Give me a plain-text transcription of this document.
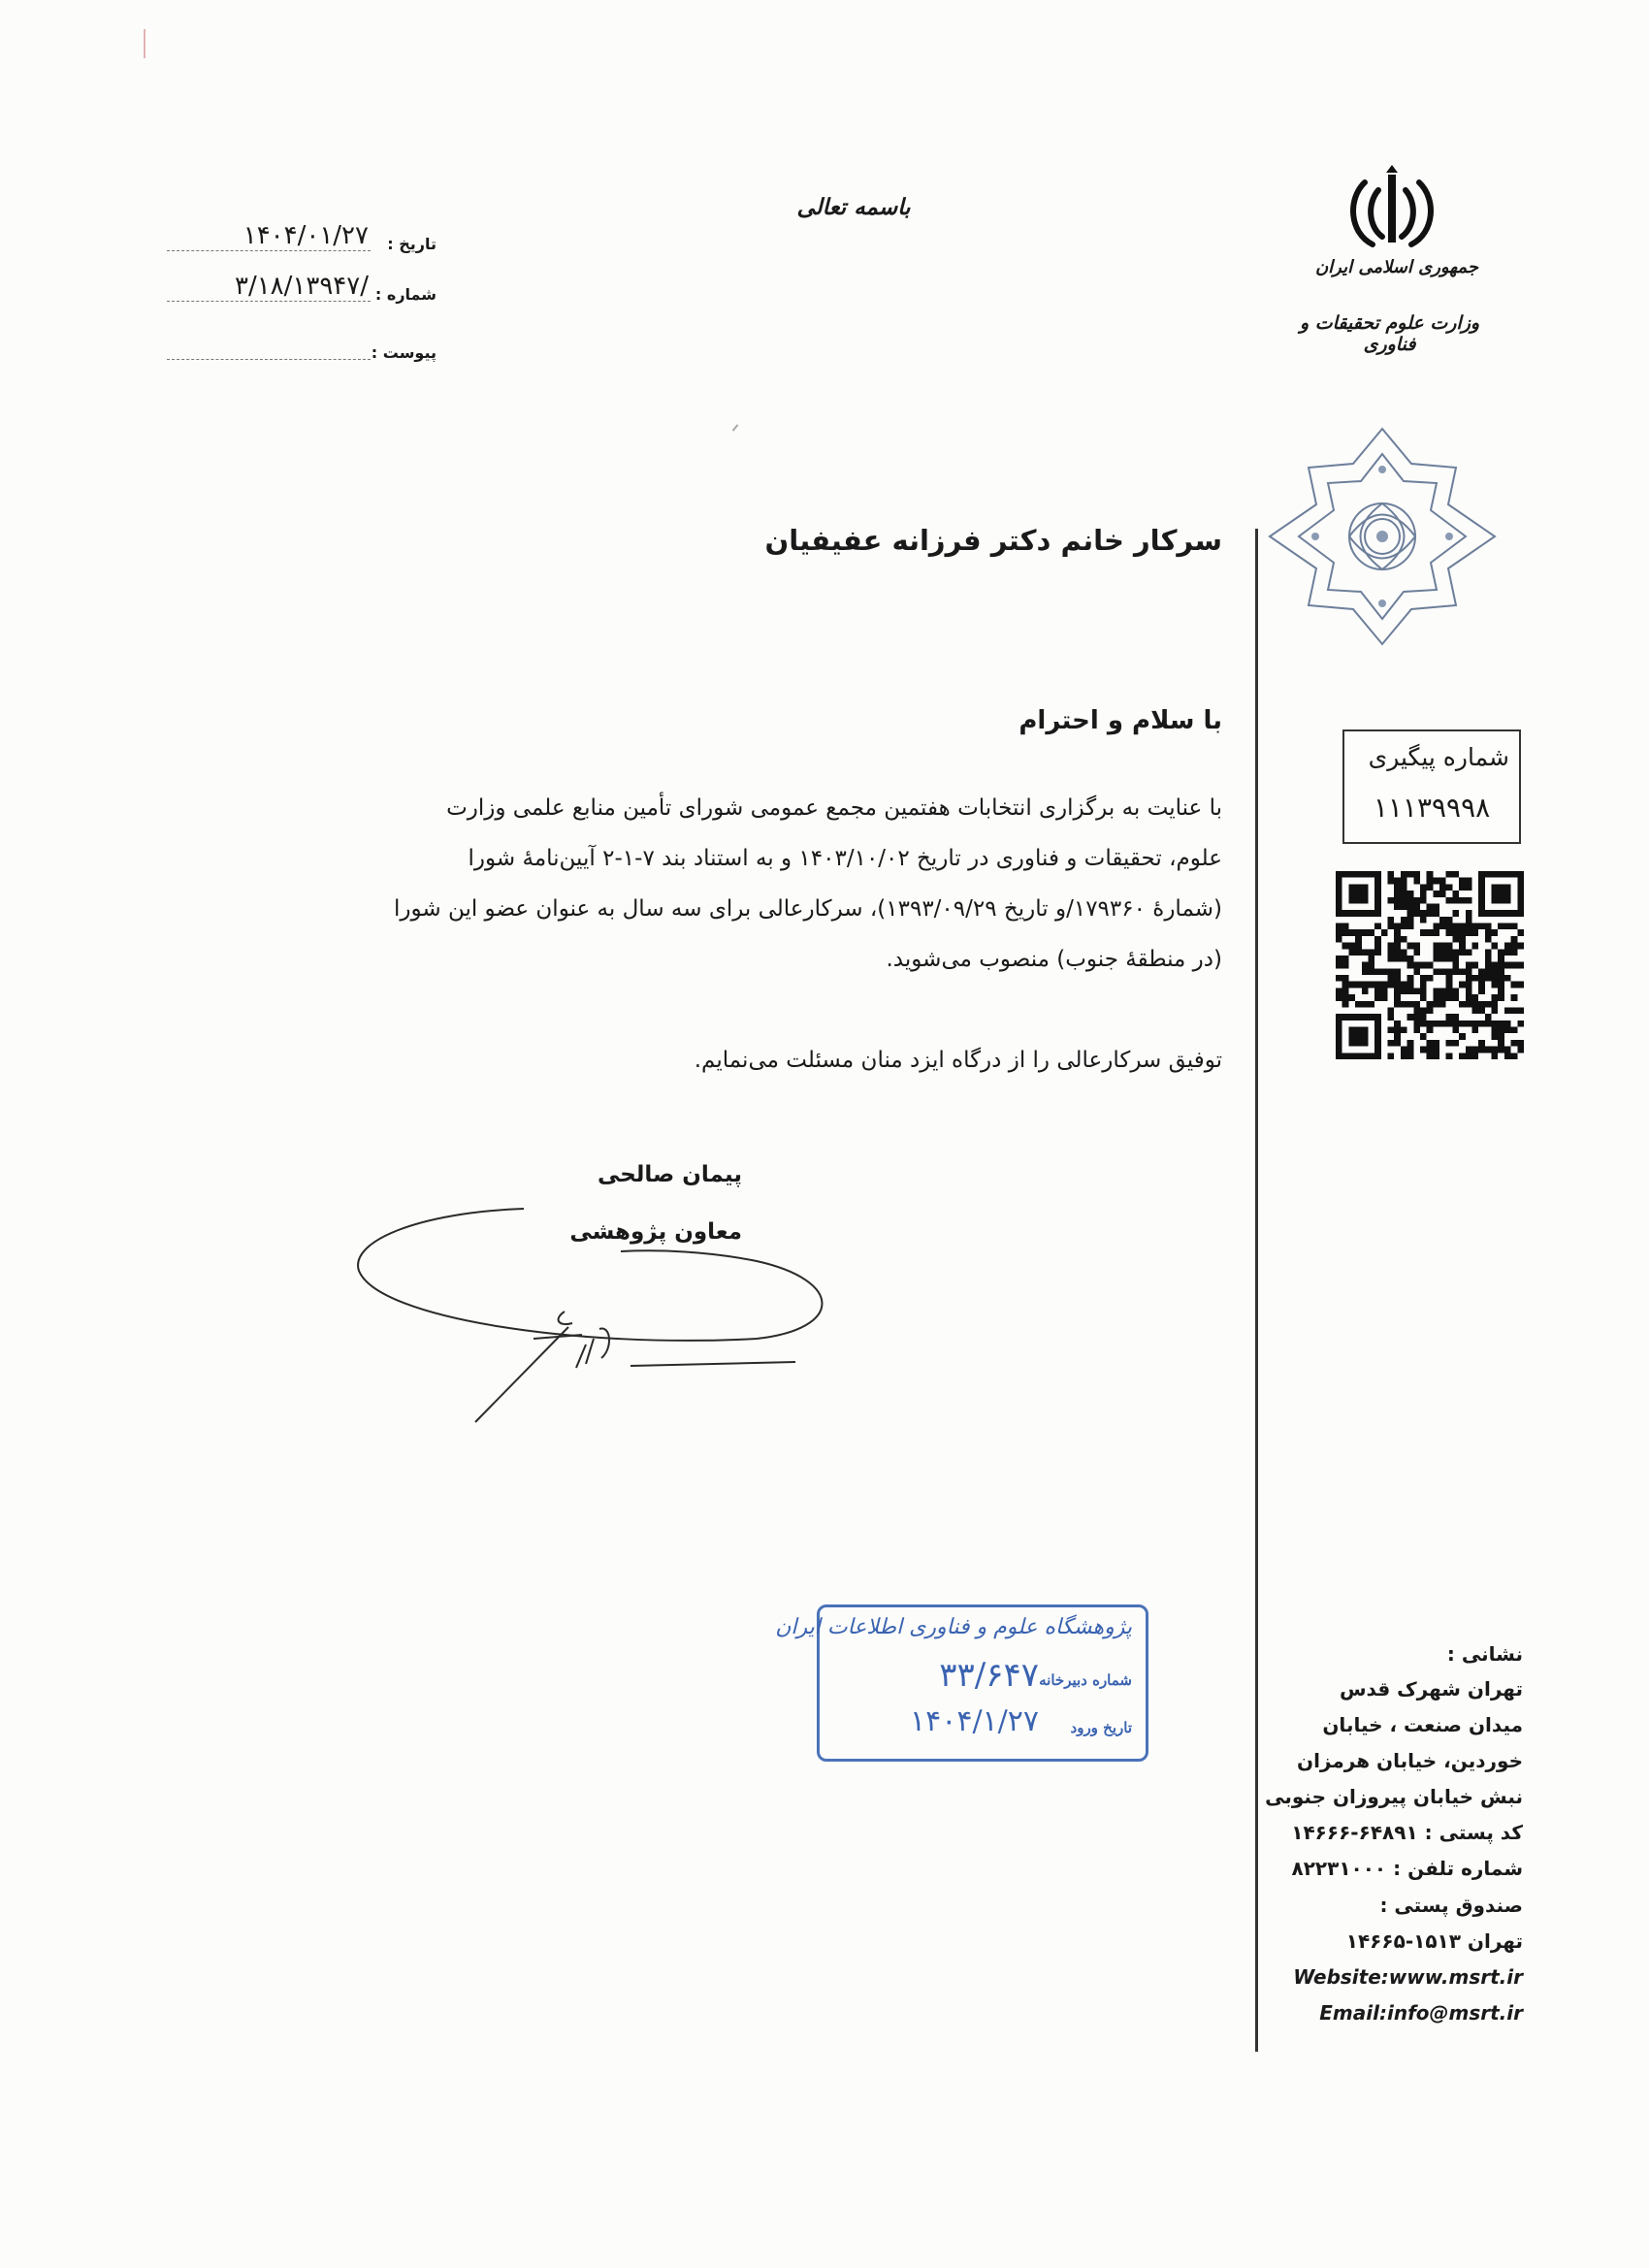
تاریخ :
۱۴۰۴/۰۱/۲۷
شماره :
/۳/۱۸/۱۳۹۴۷
پیوست :
باسمه تعالی
جمهوری اسلامی ایران
وزارت علوم تحقیقات و فناوری
سرکار خانم دکتر فرزانه عفیفیان
با سلام و احترام
با عنایت به برگزاری انتخابات هفتمین مجمع عمومی شورای تأمین منابع علمی وزارت
علوم، تحقیقات و فناوری در تاریخ ۱۴۰۳/۱۰/۰۲ و به استناد بند ۷-۱-۲ آیین‌نامهٔ شورا
(شمارهٔ ۱۷۹۳۶۰/و تاریخ ۱۳۹۳/۰۹/۲۹)، سرکارعالی برای سه سال به عنوان عضو این شورا
(در منطقهٔ جنوب) منصوب می‌شوید.
توفیق سرکارعالی را از درگاه ایزد منان مسئلت می‌نمایم.
پیمان صالحی
معاون پژوهشی
شماره پیگیری
۱۱۱۳۹۹۹۸
نشانی :
تهران شهرک قدس
میدان صنعت ، خیابان
خوردین، خیابان هرمزان
نبش خیابان پیروزان جنوبی
کد پستی : ۶۴۸۹۱-۱۴۶۶۶
شماره تلفن : ۸۲۲۳۱۰۰۰
صندوق پستی :
تهران ۱۵۱۳-۱۴۶۶۵
Website:www.msrt.ir
Email:info@msrt.ir
پژوهشگاه علوم و فناوری اطلاعات ایران
شماره دبیرخانه
۳۳/۶۴۷
تاریخ ورود
۱۴۰۴/۱/۲۷
